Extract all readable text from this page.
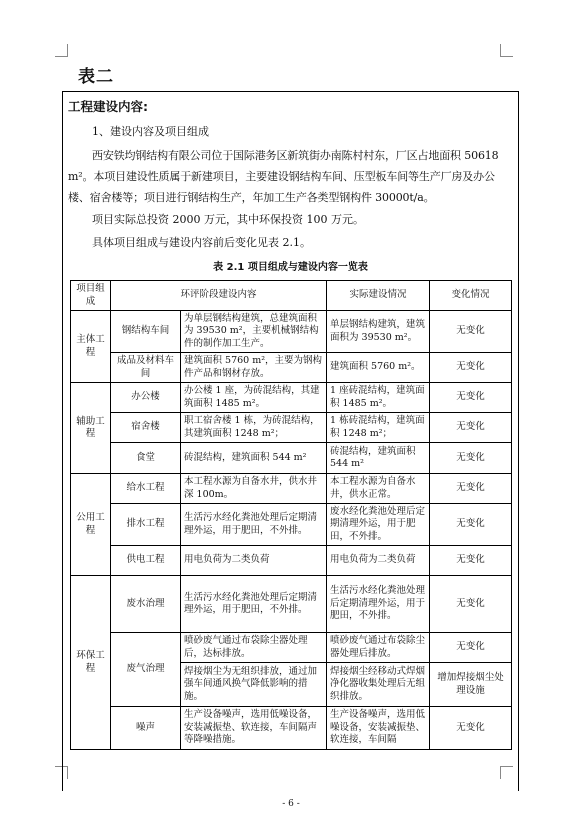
表二
工程建设内容:
1、建设内容及项目组成
西安铁均钢结构有限公司位于国际港务区新筑街办南陈村村东，厂区占地面积 50618 m²。本项目建设性质属于新建项目，主要建设钢结构车间、压型板车间等生产厂房及办公楼、宿舍楼等；项目进行钢结构生产，年加工生产各类型钢构件 30000t/a。
项目实际总投资 2000 万元，其中环保投资 100 万元。
具体项目组成与建设内容前后变化见表 2.1。
表 2.1 项目组成与建设内容一览表
项目组成	环评阶段建设内容		实际建设情况	变化情况
主体工程	钢结构车间	为单层钢结构建筑，总建筑面积为 39530 m²，主要机械钢结构件的制作加工生产。	单层钢结构建筑，建筑面积为 39530 m²。	无变化
	成品及材料车间	建筑面积 5760 m²，主要为钢构件产品和钢材存放。	建筑面积 5760 m²。	无变化
辅助工程	办公楼	办公楼 1 座，为砖混结构，其建筑面积 1485 m²。	1 座砖混结构，建筑面积 1485 m²。	无变化
	宿舍楼	职工宿舍楼 1 栋，为砖混结构，其建筑面积 1248 m²；	1 栋砖混结构，建筑面积 1248 m²；	无变化
	食堂	砖混结构，建筑面积 544 m²	砖混结构，建筑面积 544 m²	无变化
公用工程	给水工程	本工程水源为自备水井，供水井深 100m。	本工程水源为自备水井，供水正常。	无变化
	排水工程	生活污水经化粪池处理后定期清理外运，用于肥田，不外排。	废水经化粪池处理后定期清理外运，用于肥田，不外排。	无变化
	供电工程	用电负荷为二类负荷	用电负荷为二类负荷	无变化
环保工程	废水治理	生活污水经化粪池处理后定期清理外运，用于肥田，不外排。	生活污水经化粪池处理后定期清理外运，用于肥田，不外排。	无变化
	废气治理	喷砂废气通过布袋除尘器处理后，达标排放。	喷砂废气通过布袋除尘器处理后排放。	无变化
		焊接烟尘为无组织排放，通过加强车间通风换气降低影响的措施。	焊接烟尘经移动式焊烟净化器收集处理后无组织排放。	增加焊接烟尘处理设施
	噪声	生产设备噪声，选用低噪设备，安装减振垫、软连接，车间隔声等降噪措施。	生产设备噪声，选用低噪设备，安装减振垫、软连接，车间隔	无变化
- 6 -
